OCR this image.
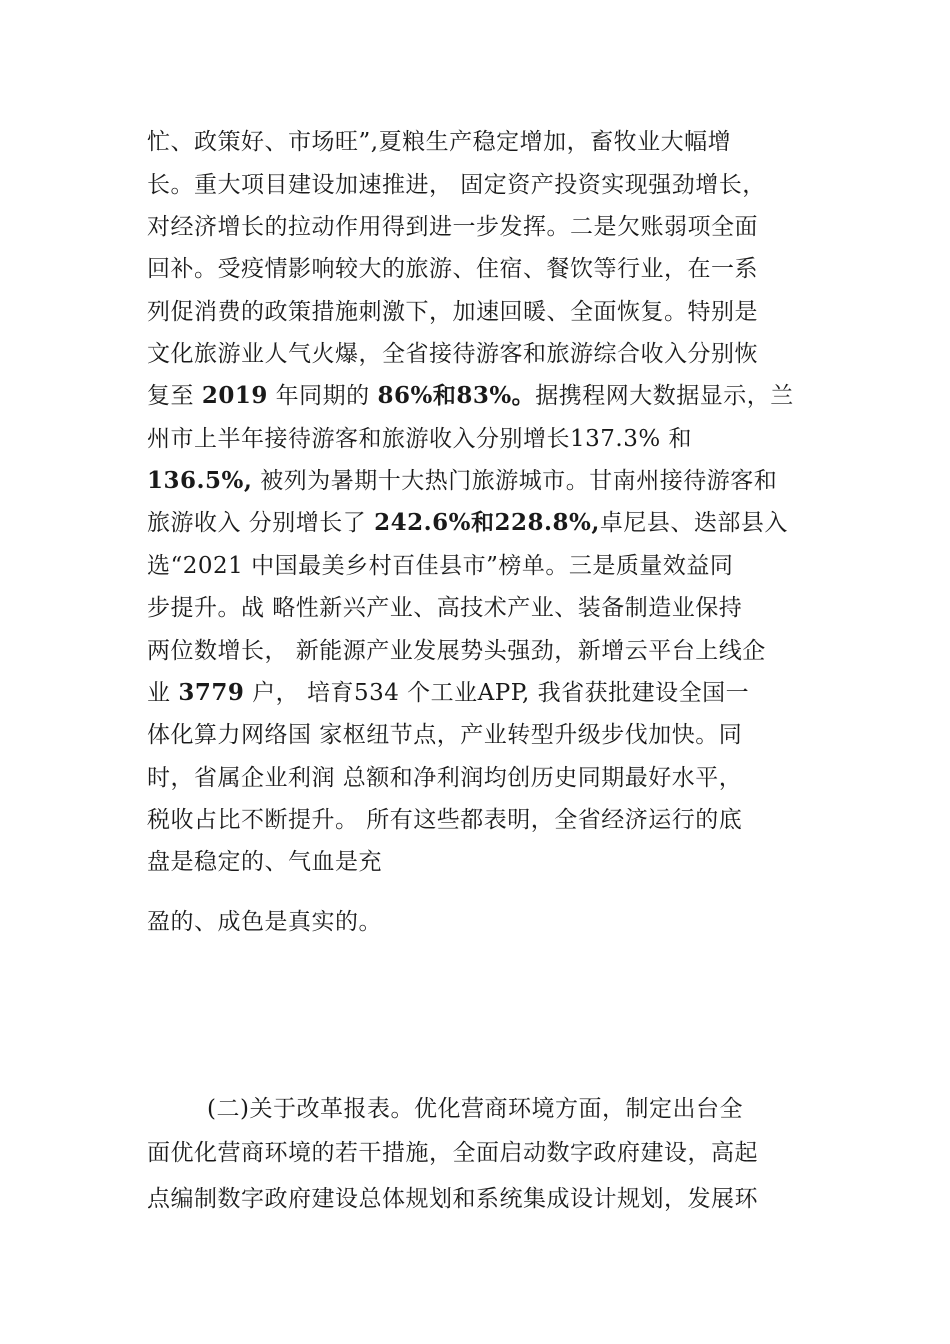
忙、政策好、市场旺”,夏粮生产稳定增加，畜牧业大幅增
长。重大项目建设加速推进， 固定资产投资实现强劲增长，
对经济增长的拉动作用得到进一步发挥。二是欠账弱项全面
回补。受疫情影响较大的旅游、住宿、餐饮等行业，在一系
列促消费的政策措施刺激下，加速回暖、全面恢复。特别是
文化旅游业人气火爆，全省接待游客和旅游综合收入分别恢
复至 2019 年同期的 86%和83%。据携程网大数据显示，兰
州市上半年接待游客和旅游收入分别增长137.3% 和
136.5%, 被列为暑期十大热门旅游城市。甘南州接待游客和
旅游收入 分别增长了 242.6%和228.8%,卓尼县、迭部县入
选“2021 中国最美乡村百佳县市”榜单。三是质量效益同
步提升。战 略性新兴产业、高技术产业、装备制造业保持
两位数增长， 新能源产业发展势头强劲，新增云平台上线企
业 3779 户， 培育534 个工业APP, 我省获批建设全国一
体化算力网络国 家枢纽节点，产业转型升级步伐加快。同
时，省属企业利润 总额和净利润均创历史同期最好水平，
税收占比不断提升。 所有这些都表明，全省经济运行的底
盘是稳定的、气血是充
盈的、成色是真实的。
(二)关于改革报表。优化营商环境方面，制定出台全
面优化营商环境的若干措施，全面启动数字政府建设，高起
点编制数字政府建设总体规划和系统集成设计规划，发展环
